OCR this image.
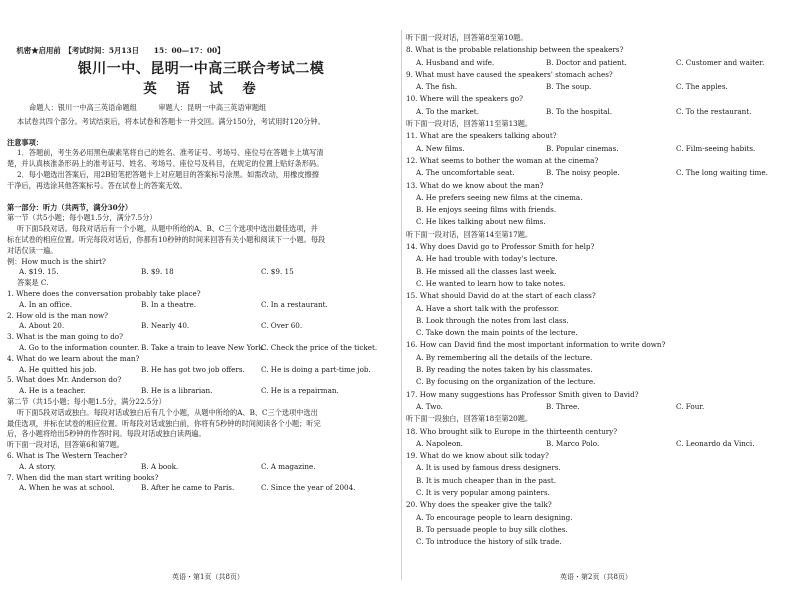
机密★启用前　 【考试时间：5月13日　　15：00—17：00】

银川一中、昆明一中高三联合考试二模
英　语　试　卷
命题人：银川一中高三英语命题组　　　审题人：昆明一中高三英语审题组
本试卷共四个部分。考试结束后，将本试卷和答题卡一并交回。满分150分，考试用时120分钟。
注意事项：
1．答题前，考生务必用黑色碳素笔将自己的姓名、准考证号、考场号、座位号在答题卡上填写清
楚，并认真核准条形码上的准考证号、姓名、考场号、座位号及科目，在规定的位置上贴好条形码。
2．每小题选出答案后，用2B铅笔把答题卡上对应题目的答案标号涂黑。如需改动，用橡皮擦擦
干净后，再选涂其他答案标号。答在试卷上的答案无效。
第一部分：听力（共两节，满分30分）
第一节（共5小题；每小题1.5分，满分7.5分）
听下面5段对话。每段对话后有一个小题，从题中所给的A、B、C三个选项中选出最佳选项，并
标在试卷的相应位置。听完每段对话后，你都有10秒钟的时间来回答有关小题和阅读下一小题。每段
对话仅读一遍。
例：How much is the shirt?
A. $19. 15.	B. $9. 18	C. $9. 15
答案是 C.
1. Where does the conversation probably take place?
A. In an office.	B. In a theatre.	C. In a restaurant.
2. How old is the man now?
A. About 20.	B. Nearly 40.	C. Over 60.
3. What is the man going to do?
A. Go to the information counter. B. Take a train to leave New York.
C. Check the price of the ticket.
4. What do we learn about the man?
A. He quitted his job.	B. He has got two job offers.	C. He is doing a part-time job.
5. What does Mr. Anderson do?
A. He is a teacher.	B. He is a librarian.	C. He is a repairman.
第二节（共15小题；每小题1.5分，满分22.5分）
听下面5段对话或独白。每段对话或独白后有几个小题，从题中所给的A、B、C三个选项中选出
最佳选项，并标在试卷的相应位置。听每段对话或独白前，你将有5秒钟的时间阅读各个小题；听完
后，各小题将给出5秒钟的作答时间。每段对话或独白读两遍。
听下面一段对话，回答第6和第7题。
6. What is The Western Teacher?
A. A story.	B. A book.	C. A magazine.
7. When did the man start writing books?
A. When he was at school.	B. After he came to Paris.	C. Since the year of 2004.
听下面一段对话，回答第8至第10题。
8. What is the probable relationship between the speakers?
A. Husband and wife.	B. Doctor and patient.	C. Customer and waiter.
9. What must have caused the speakers' stomach aches?
A. The fish.	B. The soup.	C. The apples.
10. Where will the speakers go?
A. To the market.	B. To the hospital.	C. To the restaurant.
听下面一段对话，回答第11至第13题。
11. What are the speakers talking about?
A. New films.	B. Popular cinemas.	C. Film-seeing habits.
12. What seems to bother the woman at the cinema?
A. The uncomfortable seat.	B. The noisy people.	C. The long waiting time.
13. What do we know about the man?
A. He prefers seeing new films at the cinema.
B. He enjoys seeing films with friends.
C. He likes talking about new films.
听下面一段对话，回答第14至第17题。
14. Why does David go to Professor Smith for help?
A. He had trouble with today's lecture.
B. He missed all the classes last week.
C. He wanted to learn how to take notes.
15. What should David do at the start of each class?
A. Have a short talk with the professor.
B. Look through the notes from last class.
C. Take down the main points of the lecture.
16. How can David find the most important information to write down?
A. By remembering all the details of the lecture.
B. By reading the notes taken by his classmates.
C. By focusing on the organization of the lecture.
17. How many suggestions has Professor Smith given to David?
A. Two.	B. Three.	C. Four.
听下面一段独白，回答第18至第20题。
18. Who brought silk to Europe in the thirteenth century?
A. Napoleon.	B. Marco Polo.	C. Leonardo da Vinci.
19. What do we know about silk today?
A. It is used by famous dress designers.
B. It is much cheaper than in the past.
C. It is very popular among painters.
20. Why does the speaker give the talk?
A. To encourage people to learn designing.
B. To persuade people to buy silk clothes.
C. To introduce the history of silk trade.
英语・第1页（共8页）	英语・第2页（共8页）
